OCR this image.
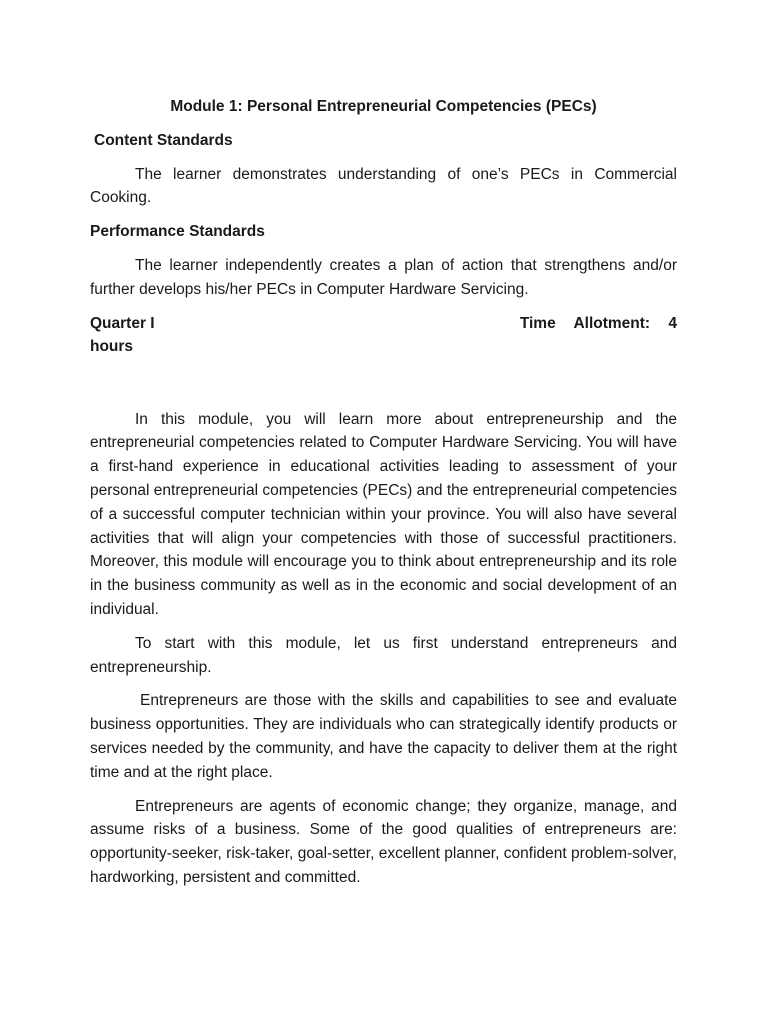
Module 1: Personal Entrepreneurial Competencies (PECs)
Content Standards
The learner demonstrates understanding of one’s PECs in Commercial Cooking.
Performance Standards
The learner independently creates a plan of action that strengthens and/or further develops his/her PECs in Computer Hardware Servicing.
Quarter I	Time Allotment: 4
hours
In this module, you will learn more about entrepreneurship and the entrepreneurial competencies related to Computer Hardware Servicing. You will have a first-hand experience in educational activities leading to assessment of your personal entrepreneurial competencies (PECs) and the entrepreneurial competencies of a successful computer technician within your province. You will also have several activities that will align your competencies with those of successful practitioners. Moreover, this module will encourage you to think about entrepreneurship and its role in the business community as well as in the economic and social development of an individual.
To start with this module, let us first understand entrepreneurs and entrepreneurship.
Entrepreneurs are those with the skills and capabilities to see and evaluate business opportunities. They are individuals who can strategically identify products or services needed by the community, and have the capacity to deliver them at the right time and at the right place.
Entrepreneurs are agents of economic change; they organize, manage, and assume risks of a business. Some of the good qualities of entrepreneurs are: opportunity-seeker, risk-taker, goal-setter, excellent planner, confident problem-solver, hardworking, persistent and committed.
